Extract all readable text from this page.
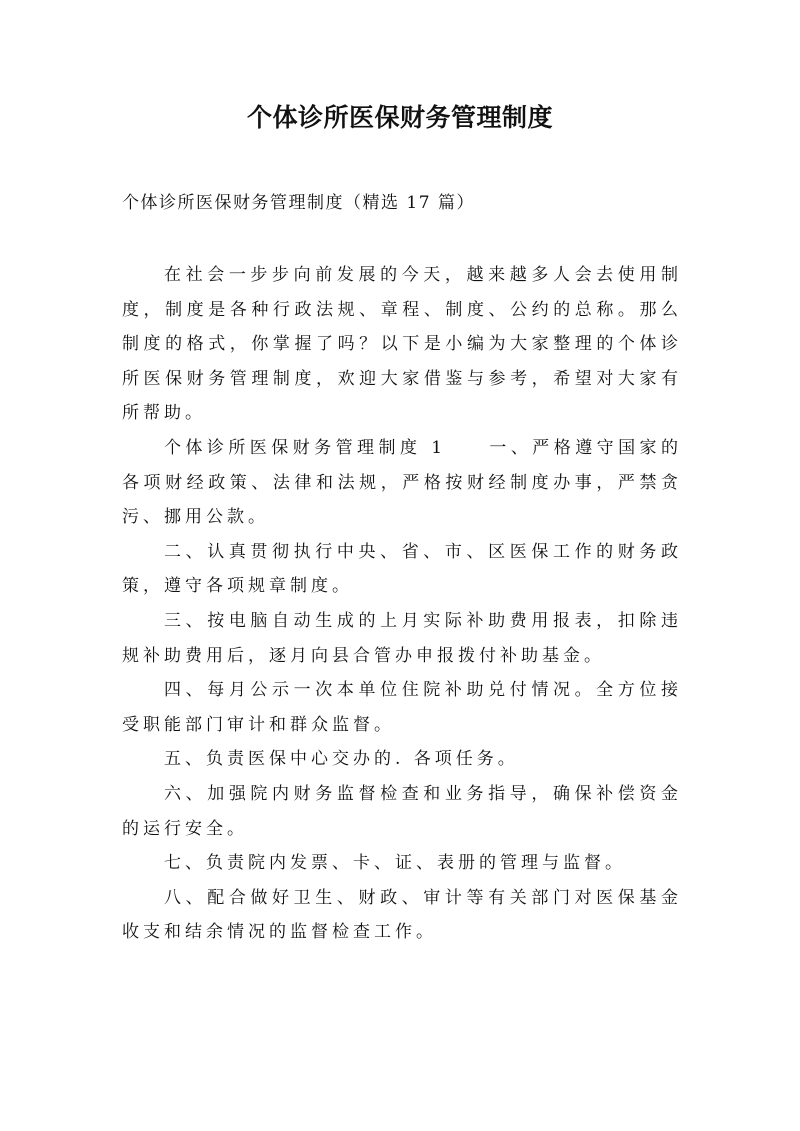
个体诊所医保财务管理制度

个体诊所医保财务管理制度（精选 17 篇）

在社会一步步向前发展的今天，越来越多人会去使用制度，制度是各种行政法规、章程、制度、公约的总称。那么制度的格式，你掌握了吗？以下是小编为大家整理的个体诊所医保财务管理制度，欢迎大家借鉴与参考，希望对大家有所帮助。

个体诊所医保财务管理制度 1　　一、严格遵守国家的各项财经政策、法律和法规，严格按财经制度办事，严禁贪污、挪用公款。

二、认真贯彻执行中央、省、市、区医保工作的财务政策，遵守各项规章制度。

三、按电脑自动生成的上月实际补助费用报表，扣除违规补助费用后，逐月向县合管办申报拨付补助基金。

四、每月公示一次本单位住院补助兑付情况。全方位接受职能部门审计和群众监督。

五、负责医保中心交办的. 各项任务。

六、加强院内财务监督检查和业务指导，确保补偿资金的运行安全。

七、负责院内发票、卡、证、表册的管理与监督。

八、配合做好卫生、财政、审计等有关部门对医保基金收支和结余情况的监督检查工作。
